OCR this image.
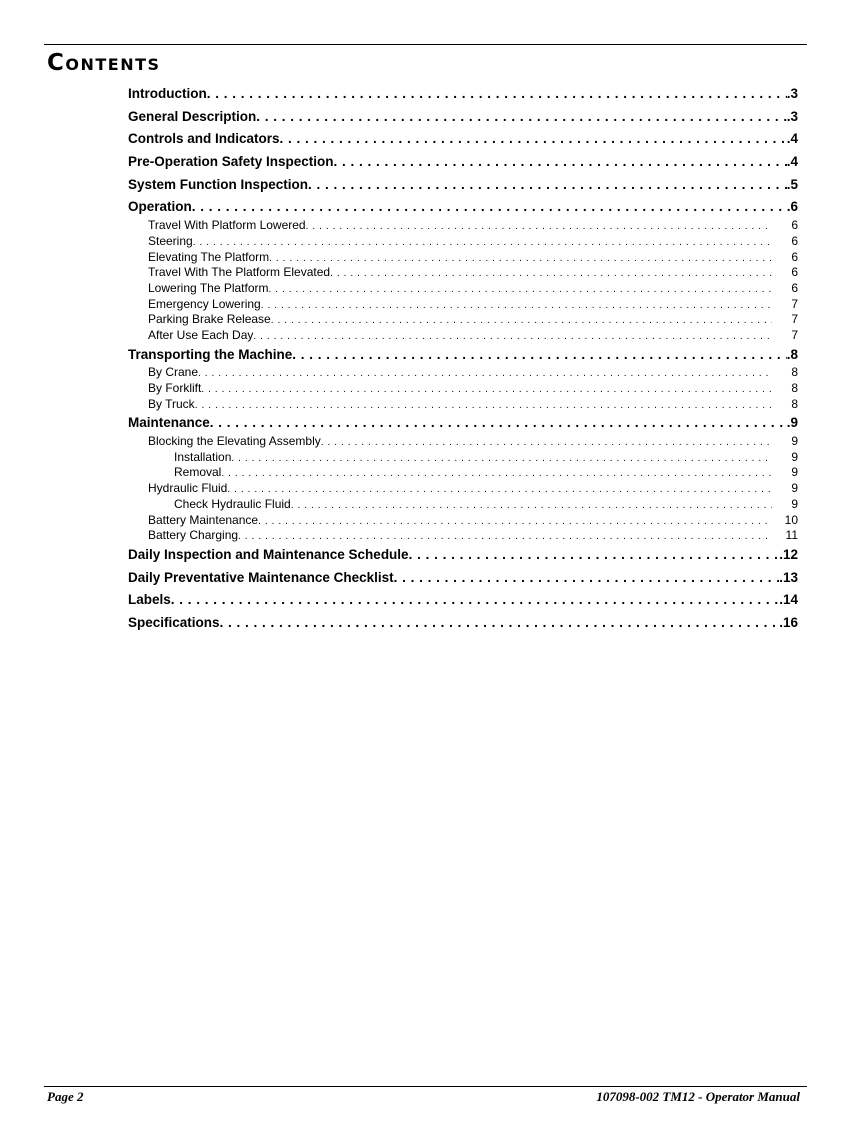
Contents
Introduction . . .	.3
General Description . . .	.3
Controls and Indicators . . .	.4
Pre-Operation Safety Inspection . . .	.4
System Function Inspection . . .	.5
Operation . . .	.6
Travel With Platform Lowered . . .	6
Steering . . .	6
Elevating The Platform . . .	6
Travel With The Platform Elevated . . .	6
Lowering The Platform . . .	6
Emergency Lowering . . .	7
Parking Brake Release . . .	7
After Use Each Day . . .	7
Transporting the Machine . . .	.8
By Crane . . .	8
By Forklift . . .	8
By Truck . . .	8
Maintenance . . .	.9
Blocking the Elevating Assembly . . .	9
Installation . . .	9
Removal . . .	9
Hydraulic Fluid . . .	9
Check Hydraulic Fluid . . .	9
Battery Maintenance . . .	10
Battery Charging . . .	11
Daily Inspection and Maintenance Schedule . . .	.12
Daily Preventative Maintenance Checklist . . .	.13
Labels . . .	.14
Specifications . . .	.16
Page 2	107098-002 TM12 - Operator Manual
